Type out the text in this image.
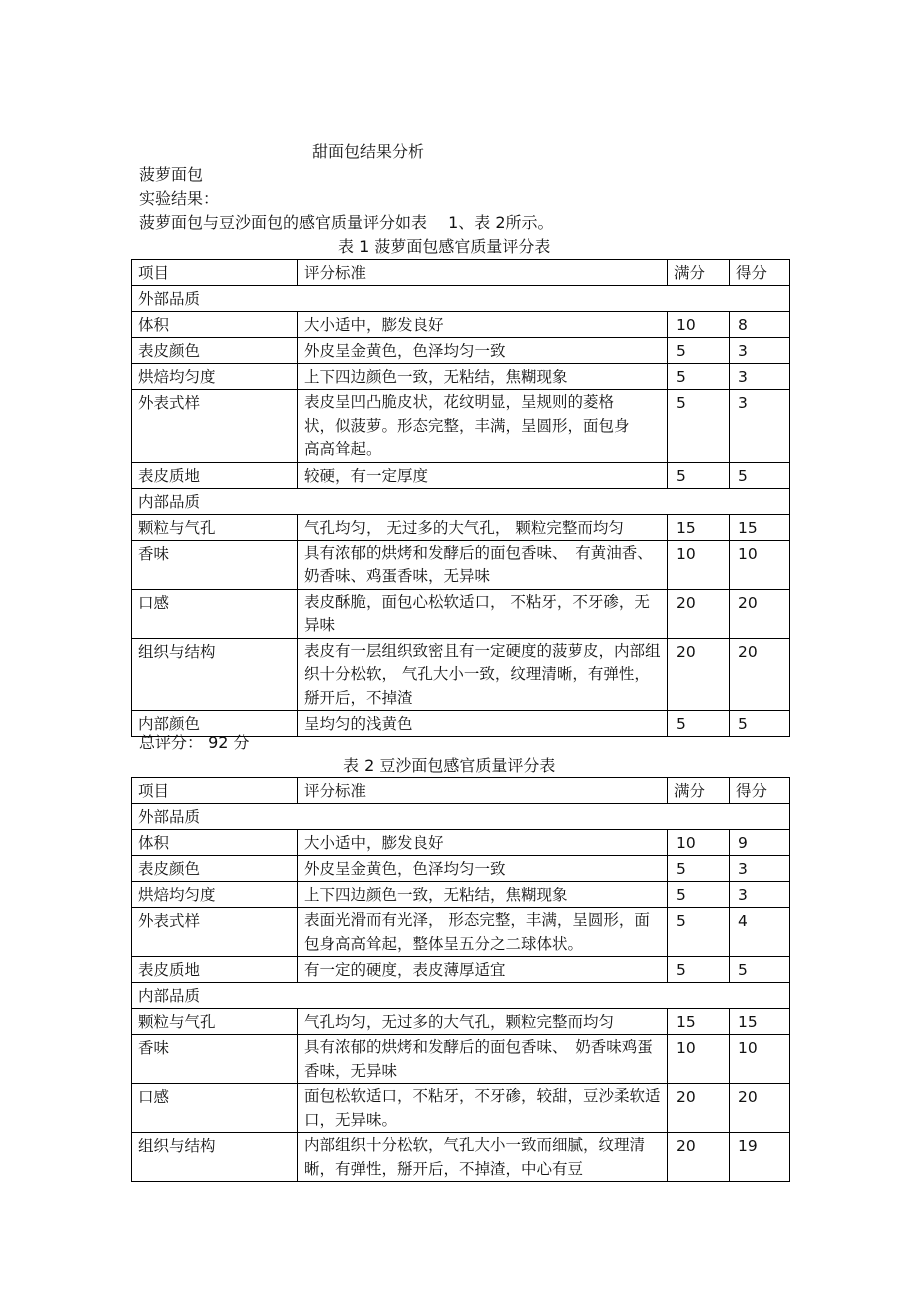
甜面包结果分析
菠萝面包
实验结果：
菠萝面包与豆沙面包的感官质量评分如表　 1、表 2所示。
表 1 菠萝面包感官质量评分表
项目	评分标准	满分	得分
外部品质			
体积	大小适中，膨发良好	10	8
表皮颜色	外皮呈金黄色，色泽均匀一致	5	3
烘焙均匀度	上下四边颜色一致，无粘结，焦糊现象	5	3
外表式样	表皮呈凹凸脆皮状，花纹明显，呈规则的菱格状，似菠萝。形态完整，丰满，呈圆形，面包身高高耸起。	5	3
表皮质地	较硬，有一定厚度	5	5
内部品质			
颗粒与气孔	气孔均匀， 无过多的大气孔， 颗粒完整而均匀	15	15
香味	具有浓郁的烘烤和发酵后的面包香味、　有黄油香、奶香味、鸡蛋香味，无异味	10	10
口感	表皮酥脆，面包心松软适口， 不粘牙，不牙碜，无异味	20	20
组织与结构	表皮有一层组织致密且有一定硬度的菠萝皮，内部组织十分松软， 气孔大小一致，纹理清晰，有弹性，掰开后，不掉渣	20	20
内部颜色	呈均匀的浅黄色	5	5
总评分： 92 分
表 2 豆沙面包感官质量评分表
项目	评分标准	满分	得分
外部品质			
体积	大小适中，膨发良好	10	9
表皮颜色	外皮呈金黄色，色泽均匀一致	5	3
烘焙均匀度	上下四边颜色一致，无粘结，焦糊现象	5	3
外表式样	表面光滑而有光泽， 形态完整，丰满，呈圆形，面包身高高耸起，整体呈五分之二球体状。	5	4
表皮质地	有一定的硬度，表皮薄厚适宜	5	5
内部品质			
颗粒与气孔	气孔均匀，无过多的大气孔，颗粒完整而均匀	15	15
香味	具有浓郁的烘烤和发酵后的面包香味、　奶香味鸡蛋香味，无异味	10	10
口感	面包松软适口，不粘牙，不牙碜，较甜，豆沙柔软适口，无异味。	20	20
组织与结构	内部组织十分松软，气孔大小一致而细腻，纹理清晰，有弹性，掰开后，不掉渣，中心有豆	20	19
